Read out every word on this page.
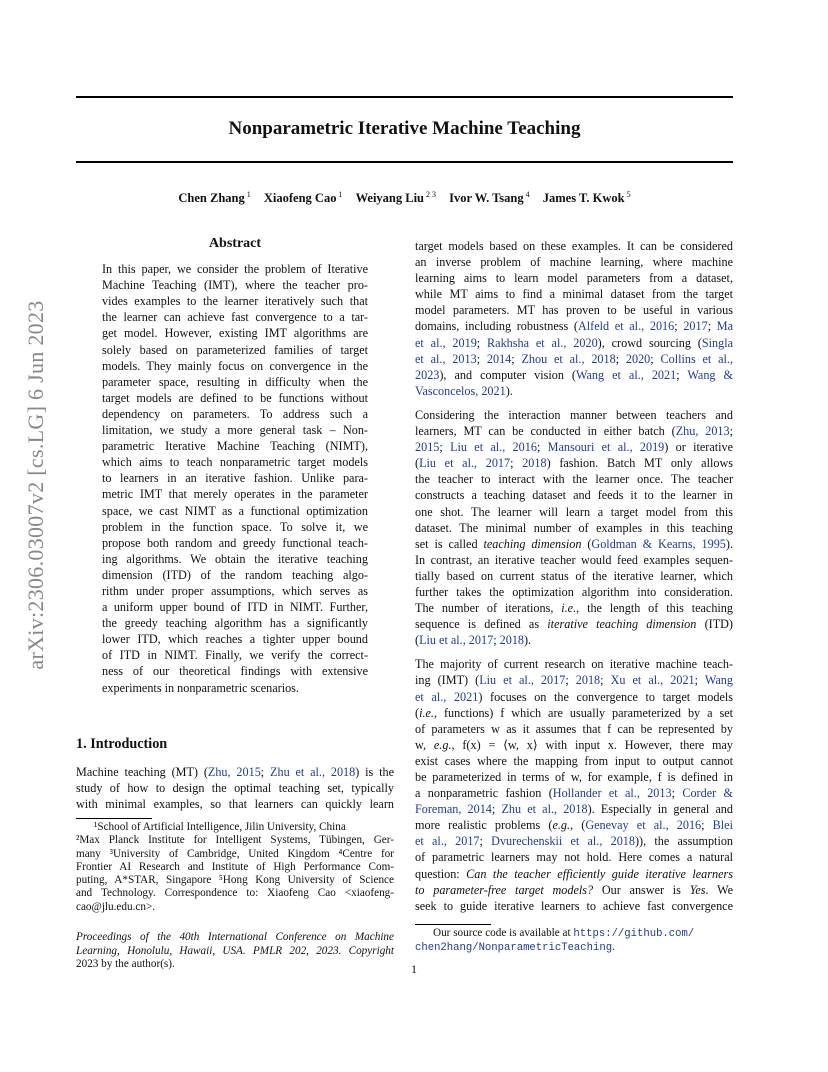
Nonparametric Iterative Machine Teaching
Chen Zhang $^1$ Xiaofeng Cao $^1$ Weiyang Liu $^{2 3}$ Ivor W. Tsang $^4$ James T. Kwok $^5$
arXiv:2306.03007v2 [cs.LG] 6 Jun 2023
Abstract
In this paper, we consider the problem of Iterative
Machine Teaching (IMT), where the teacher pro-
vides examples to the learner iteratively such that
the learner can achieve fast convergence to a tar-
get model. However, existing IMT algorithms are
solely based on parameterized families of target
models. They mainly focus on convergence in the
parameter space, resulting in difficulty when the
target models are defined to be functions without
dependency on parameters. To address such a
limitation, we study a more general task – Non-
parametric Iterative Machine Teaching (NIMT),
which aims to teach nonparametric target models
to learners in an iterative fashion. Unlike para-
metric IMT that merely operates in the parameter
space, we cast NIMT as a functional optimization
problem in the function space. To solve it, we
propose both random and greedy functional teach-
ing algorithms. We obtain the iterative teaching
dimension (ITD) of the random teaching algo-
rithm under proper assumptions, which serves as
a uniform upper bound of ITD in NIMT. Further,
the greedy teaching algorithm has a significantly
lower ITD, which reaches a tighter upper bound
of ITD in NIMT. Finally, we verify the correct-
ness of our theoretical findings with extensive
experiments in nonparametric scenarios.
1. Introduction
Machine teaching (MT) (Zhu, 2015; Zhu et al., 2018) is the
study of how to design the optimal teaching set, typically
with minimal examples, so that learners can quickly learn
¹School of Artificial Intelligence, Jilin University, China
²Max Planck Institute for Intelligent Systems, Tübingen, Ger-
many ³University of Cambridge, United Kingdom ⁴Centre for
Frontier AI Research and Institute of High Performance Com-
puting, A*STAR, Singapore ⁵Hong Kong University of Science
and Technology. Correspondence to: Xiaofeng Cao <xiaofeng-
cao@jlu.edu.cn>.
Proceedings of the 40th International Conference on Machine
Learning, Honolulu, Hawaii, USA. PMLR 202, 2023. Copyright
2023 by the author(s).
target models based on these examples. It can be considered
an inverse problem of machine learning, where machine
learning aims to learn model parameters from a dataset,
while MT aims to find a minimal dataset from the target
model parameters. MT has proven to be useful in various
domains, including robustness (Alfeld et al., 2016; 2017; Ma
et al., 2019; Rakhsha et al., 2020), crowd sourcing (Singla
et al., 2013; 2014; Zhou et al., 2018; 2020; Collins et al.,
2023), and computer vision (Wang et al., 2021; Wang &
Vasconcelos, 2021).
Considering the interaction manner between teachers and
learners, MT can be conducted in either batch (Zhu, 2013;
2015; Liu et al., 2016; Mansouri et al., 2019) or iterative
(Liu et al., 2017; 2018) fashion. Batch MT only allows
the teacher to interact with the learner once. The teacher
constructs a teaching dataset and feeds it to the learner in
one shot. The learner will learn a target model from this
dataset. The minimal number of examples in this teaching
set is called teaching dimension (Goldman & Kearns, 1995).
In contrast, an iterative teacher would feed examples sequen-
tially based on current status of the iterative learner, which
further takes the optimization algorithm into consideration.
The number of iterations, i.e., the length of this teaching
sequence is defined as iterative teaching dimension (ITD)
(Liu et al., 2017; 2018).
The majority of current research on iterative machine teach-
ing (IMT) (Liu et al., 2017; 2018; Xu et al., 2021; Wang
et al., 2021) focuses on the convergence to target models
(i.e., functions) f which are usually parameterized by a set
of parameters w as it assumes that f can be represented by
w, e.g., f(x) = ⟨w, x⟩ with input x. However, there may
exist cases where the mapping from input to output cannot
be parameterized in terms of w, for example, f is defined in
a nonparametric fashion (Hollander et al., 2013; Corder &
Foreman, 2014; Zhu et al., 2018). Especially in general and
more realistic problems (e.g., (Genevay et al., 2016; Blei
et al., 2017; Dvurechenskii et al., 2018)), the assumption
of parametric learners may not hold. Here comes a natural
question: Can the teacher efficiently guide iterative learners
to parameter-free target models? Our answer is Yes. We
seek to guide iterative learners to achieve fast convergence
Our source code is available at https://github.com/
chen2hang/NonparametricTeaching.
1
